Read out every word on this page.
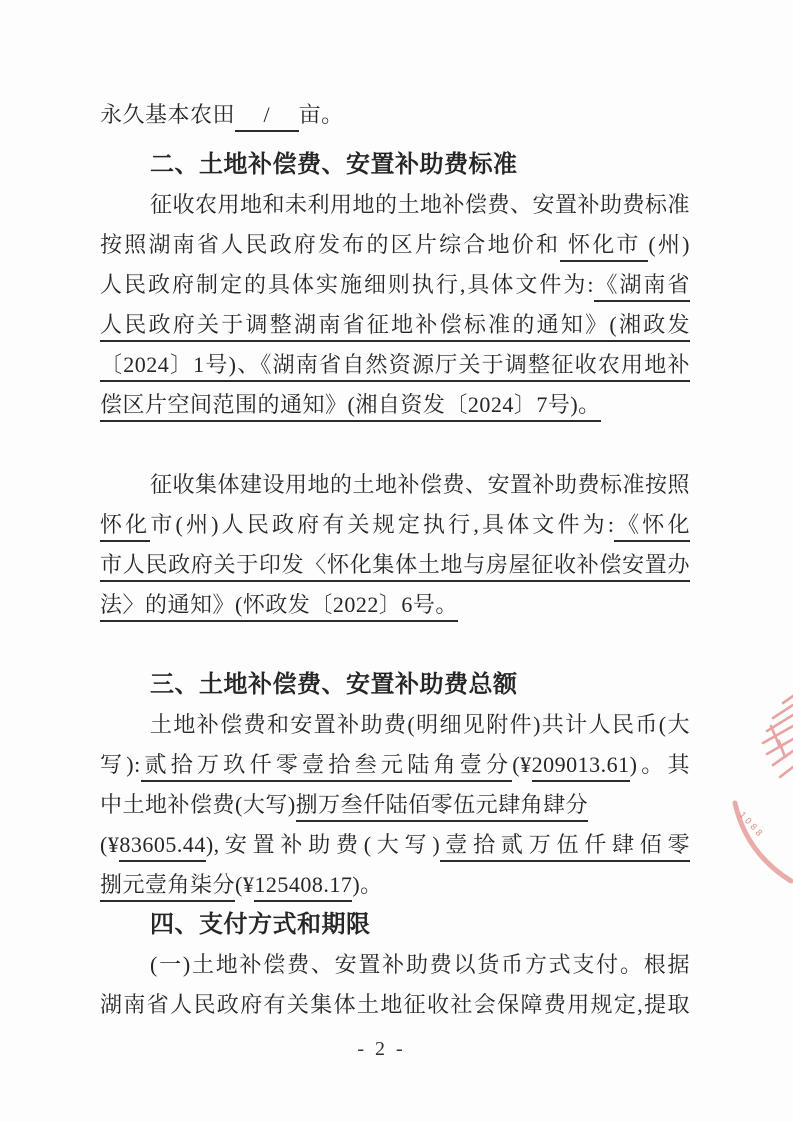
永久基本农田　 / 　亩。
二、土地补偿费、安置补助费标准
征收农用地和未利用地的土地补偿费、安置补助费标准
按照湖南省人民政府发布的区片综合地价和 怀化市 (州)
人民政府制定的具体实施细则执行,具体文件为:《湖南省
人民政府关于调整湖南省征地补偿标准的通知》(湘政发
〔2024〕1号)、《湖南省自然资源厅关于调整征收农用地补
偿区片空间范围的通知》(湘自资发〔2024〕7号)。
征收集体建设用地的土地补偿费、安置补助费标准按照
怀化市(州)人民政府有关规定执行,具体文件为:《怀化
市人民政府关于印发〈怀化集体土地与房屋征收补偿安置办
法〉的通知》(怀政发〔2022〕6号。
三、土地补偿费、安置补助费总额
土地补偿费和安置补助费(明细见附件)共计人民币(大
写):贰拾万玖仟零壹拾叁元陆角壹分(¥209013.61)。其
中土地补偿费(大写)捌万叁仟陆佰零伍元肆角肆分
(¥83605.44),安置补助费(大写)壹拾贰万伍仟肆佰零
捌元壹角柒分(¥125408.17)。
四、支付方式和期限
(一)土地补偿费、安置补助费以货币方式支付。根据
湖南省人民政府有关集体土地征收社会保障费用规定,提取
- 2 -
1088
